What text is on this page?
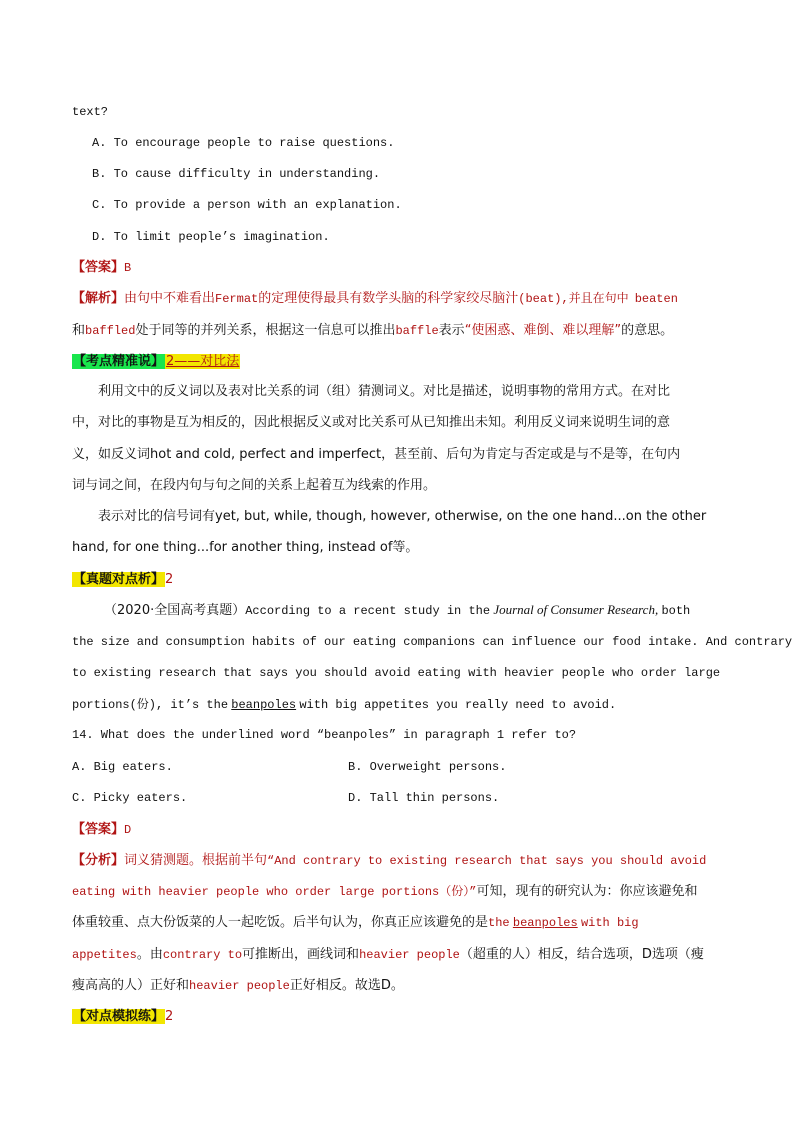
text?
A. To encourage people to raise questions.
B. To cause difficulty in understanding.
C. To provide a person with an explanation.
D. To limit people’s imagination.
【答案】B
【解析】由句中不难看出Fermat的定理使得最具有数学头脑的科学家绞尽脑汁(beat),并且在句中 beaten
和baffled处于同等的并列关系，根据这一信息可以推出baffle表示“使困惑、难倒、难以理解”的意思。
【考点精准说】 2——对比法
利用文中的反义词以及表对比关系的词（组）猜测词义。对比是描述，说明事物的常用方式。在对比
中，对比的事物是互为相反的，因此根据反义或对比关系可从已知推出未知。利用反义词来说明生词的意
义，如反义词hot and cold, perfect and imperfect，甚至前、后句为肯定与否定或是与不是等，在句内
词与词之间，在段内句与句之间的关系上起着互为线索的作用。
表示对比的信号词有yet, but, while, though, however, otherwise, on the one hand...on the other
hand, for one thing...for another thing, instead of等。
【真题对点析】2
（2020·全国高考真题）According to a recent study in the Journal of Consumer Research, both
the size and consumption habits of our eating companions can influence our food intake. And contrary
to existing research that says you should avoid eating with heavier people who order large
portions(份), it’s the beanpoles with big appetites you really need to avoid.
14. What does the underlined word “beanpoles” in paragraph 1 refer to?
A. Big eaters.	B. Overweight persons.
C. Picky eaters.	D. Tall thin persons.
【答案】D
【分析】词义猜测题。根据前半句“And contrary to existing research that says you should avoid
eating with heavier people who order large portions（份）”可知，现有的研究认为：你应该避免和
体重较重、点大份饭菜的人一起吃饭。后半句认为，你真正应该避免的是the beanpoles with big
appetites。由contrary to可推断出，画线词和heavier people（超重的人）相反，结合选项，D选项（瘦
瘦高高的人）正好和heavier people正好相反。故选D。
【对点模拟练】2
